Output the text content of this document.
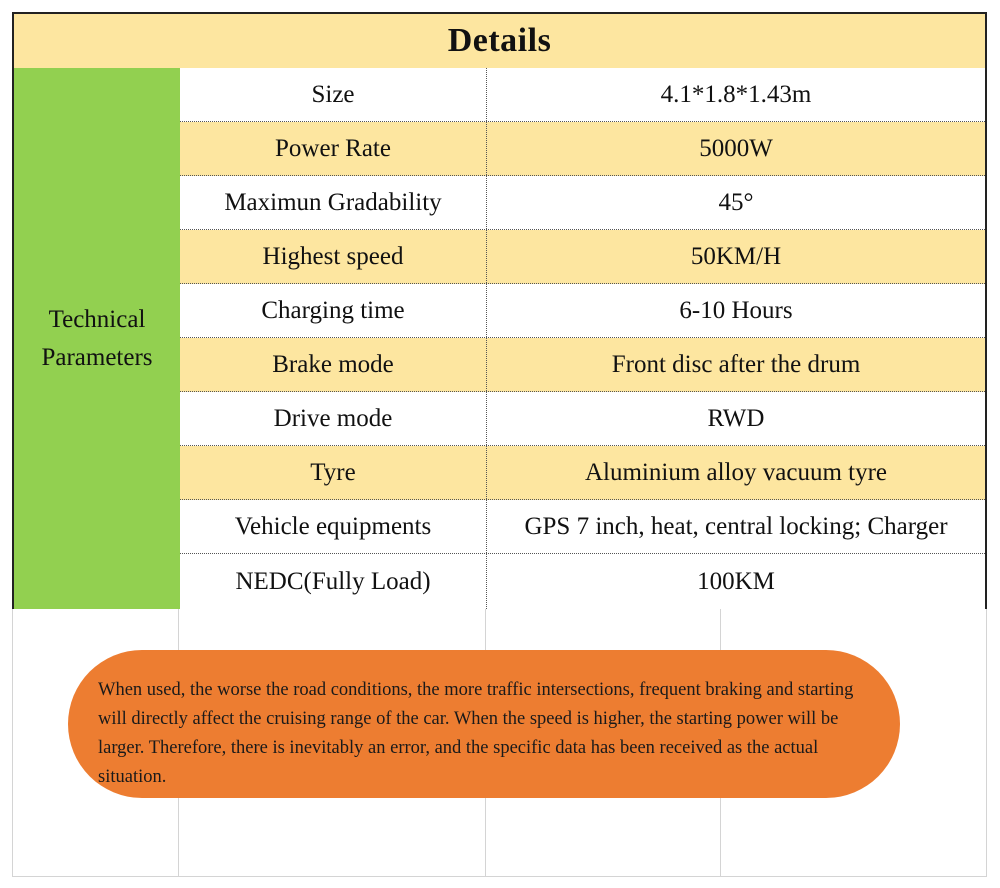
Details
Technical Parameters
Size	4.1*1.8*1.43m
Power Rate	5000W
Maximun Gradability	45°
Highest speed	50KM/H
Charging time	6-10 Hours
Brake mode	Front disc after the drum
Drive mode	RWD
Tyre	Aluminium alloy vacuum tyre
Vehicle equipments	GPS 7 inch, heat, central locking; Charger
NEDC(Fully Load)	100KM

When used, the worse the road conditions, the more traffic intersections, frequent braking and starting will directly affect the cruising range of the car. When the speed is higher, the starting power will be larger. Therefore, there is inevitably an error, and the specific data has been received as the actual situation.
